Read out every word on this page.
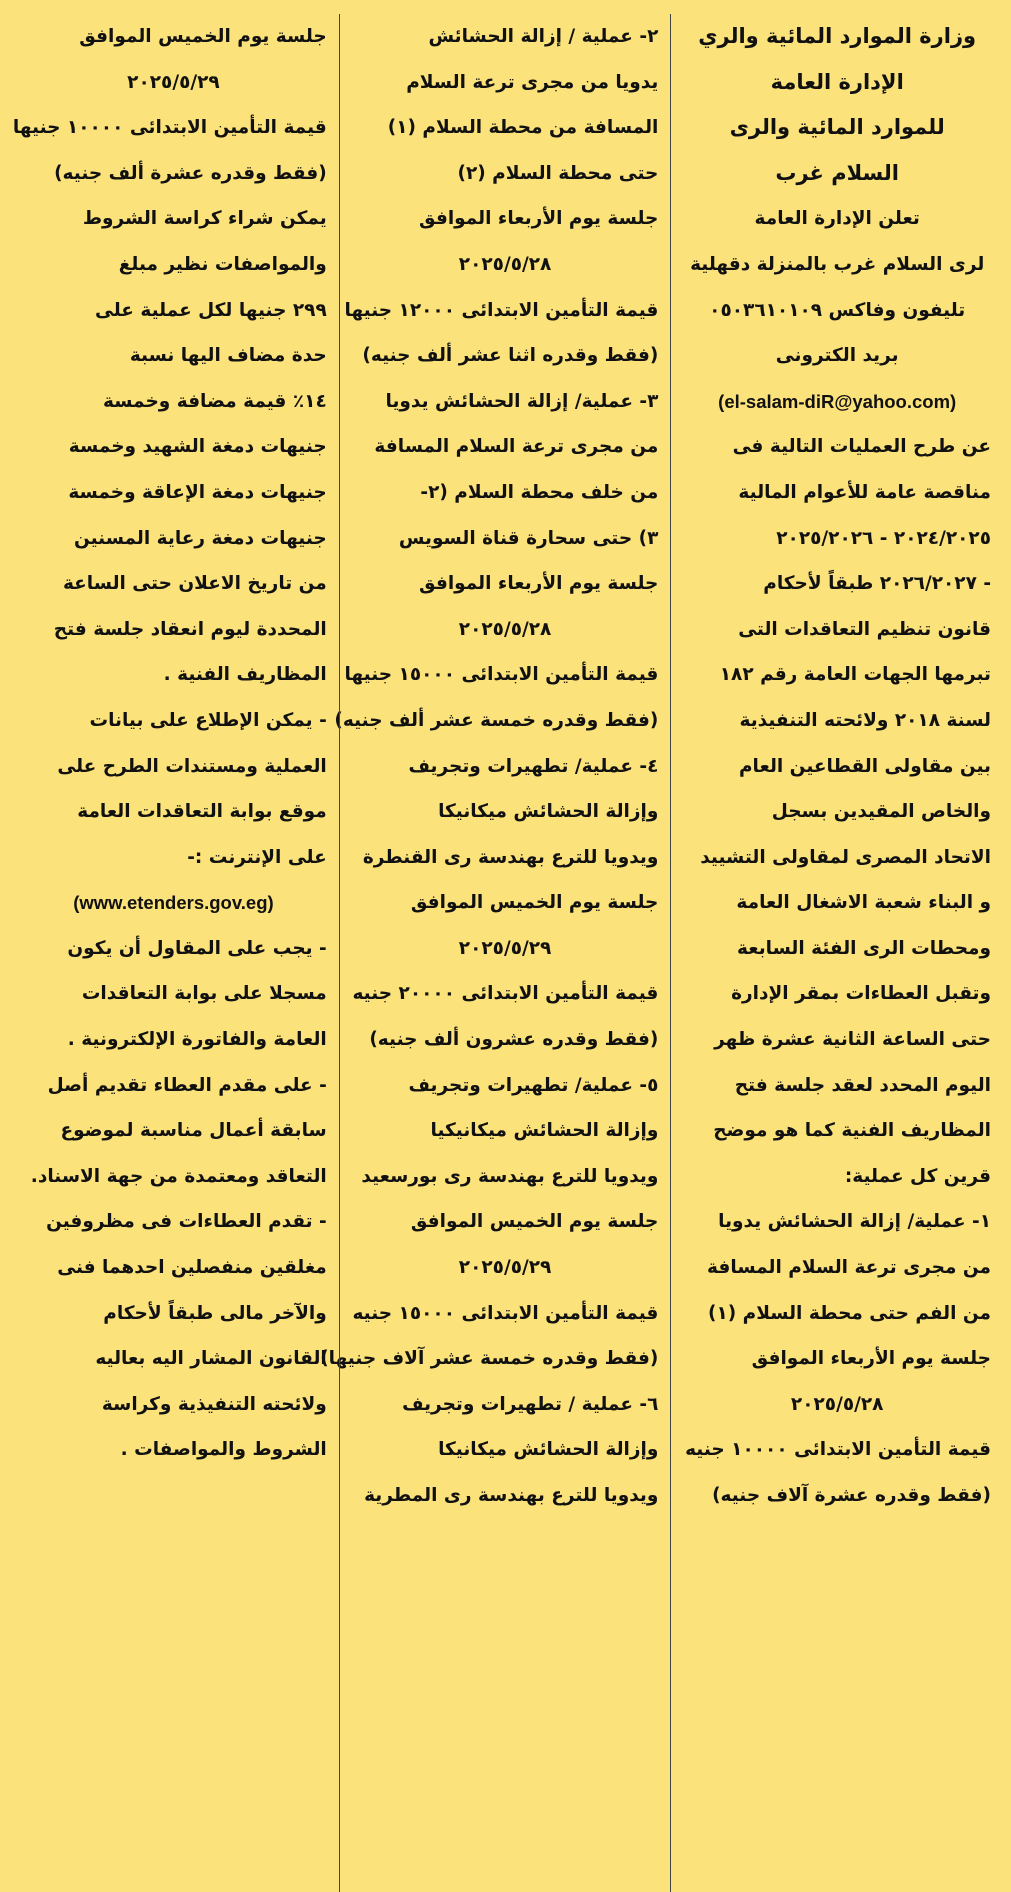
وزارة الموارد المائية والري
الإدارة العامة
للموارد المائية والرى
السلام غرب
تعلن الإدارة العامة
لرى السلام غرب بالمنزلة دقهلية
تليفون وفاكس ٠٥٠٣٦١٠١٠٩
بريد الكترونى
(el-salam-diR@yahoo.com)
عن طرح العمليات التالية فى
مناقصة عامة للأعوام المالية
٢٠٢٤/٢٠٢٥ - ٢٠٢٥/٢٠٢٦
- ٢٠٢٦/٢٠٢٧ طبقاً لأحكام
قانون تنظيم التعاقدات التى
تبرمها الجهات العامة رقم ١٨٢
لسنة ٢٠١٨ ولائحته التنفيذية
بين مقاولى القطاعين العام
والخاص المقيدين بسجل
الاتحاد المصرى لمقاولى التشييد
و البناء شعبة الاشغال العامة
ومحطات الرى الفئة السابعة
وتقبل العطاءات بمقر الإدارة
حتى الساعة الثانية عشرة ظهر
اليوم المحدد لعقد جلسة فتح
المظاريف الفنية كما هو موضح
قرين كل عملية:
١- عملية/ إزالة الحشائش يدويا
من مجرى ترعة السلام المسافة
من الفم حتى محطة السلام (١)
جلسة يوم الأربعاء الموافق
٢٠٢٥/٥/٢٨
قيمة التأمين الابتدائى ١٠٠٠٠ جنيه
(فقط وقدره عشرة آلاف جنيه)
٢- عملية / إزالة الحشائش
يدويا من مجرى ترعة السلام
المسافة من محطة السلام (١)
حتى محطة السلام (٢)
جلسة يوم الأربعاء الموافق
٢٠٢٥/٥/٢٨
قيمة التأمين الابتدائى ١٢٠٠٠ جنيها
(فقط وقدره اثنا عشر ألف جنيه)
٣- عملية/ إزالة الحشائش يدويا
من مجرى ترعة السلام المسافة
من خلف محطة السلام (٢-
٣) حتى سحارة قناة السويس
جلسة يوم الأربعاء الموافق
٢٠٢٥/٥/٢٨
قيمة التأمين الابتدائى ١٥٠٠٠ جنيها
(فقط وقدره خمسة عشر ألف جنيه)
٤- عملية/ تطهيرات وتجريف
وإزالة الحشائش ميكانيكا
ويدويا للترع بهندسة رى القنطرة
جلسة يوم الخميس الموافق
٢٠٢٥/٥/٢٩
قيمة التأمين الابتدائى ٢٠٠٠٠ جنيه
(فقط وقدره عشرون ألف جنيه)
٥- عملية/ تطهيرات وتجريف
وإزالة الحشائش ميكانيكيا
ويدويا للترع بهندسة رى بورسعيد
جلسة يوم الخميس الموافق
٢٠٢٥/٥/٢٩
قيمة التأمين الابتدائى ١٥٠٠٠ جنيه
(فقط وقدره خمسة عشر آلاف جنيها)
٦- عملية / تطهيرات وتجريف
وإزالة الحشائش ميكانيكا
ويدويا للترع بهندسة رى المطرية
جلسة يوم الخميس الموافق
٢٠٢٥/٥/٢٩
قيمة التأمين الابتدائى ١٠٠٠٠ جنيها
(فقط وقدره عشرة ألف جنيه)
يمكن شراء كراسة الشروط
والمواصفات نظير مبلغ
٢٩٩ جنيها لكل عملية على
حدة مضاف اليها نسبة
١٤٪ قيمة مضافة وخمسة
جنيهات دمغة الشهيد وخمسة
جنيهات دمغة الإعاقة وخمسة
جنيهات دمغة رعاية المسنين
من تاريخ الاعلان حتى الساعة
المحددة ليوم انعقاد جلسة فتح
المظاريف الفنية .
- يمكن الإطلاع على بيانات
العملية ومستندات الطرح على
موقع بوابة التعاقدات العامة
على الإنترنت :-
(www.etenders.gov.eg)
- يجب على المقاول أن يكون
مسجلا على بوابة التعاقدات
العامة والفاتورة الإلكترونية .
- على مقدم العطاء تقديم أصل
سابقة أعمال مناسبة لموضوع
التعاقد ومعتمدة من جهة الاسناد.
- تقدم العطاءات فى مظروفين
مغلقين منفصلين احدهما فنى
والآخر مالى طبقاً لأحكام
القانون المشار اليه بعاليه
ولائحته التنفيذية وكراسة
الشروط والمواصفات .
